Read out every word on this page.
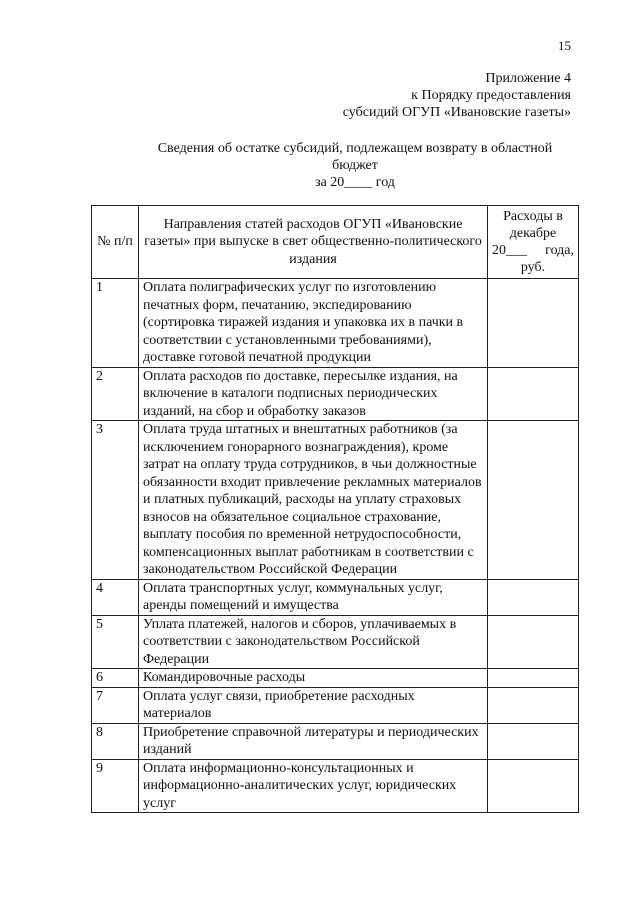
15
Приложение 4
к Порядку предоставления
субсидий ОГУП «Ивановские газеты»
Сведения об остатке субсидий, подлежащем возврату в областной
бюджет
за 20____ год
№ п/п	Направления статей расходов ОГУП «Ивановские газеты» при выпуске в свет общественно-политического издания	Расходы в
декабре

20___ года,
руб.
1	Оплата полиграфических услуг по изготовлению печатных форм, печатанию, экспедированию (сортировка тиражей издания и упаковка их в пачки в соответствии с установленными требованиями), доставке готовой печатной продукции	
2	Оплата расходов по доставке, пересылке издания, на включение в каталоги подписных периодических изданий, на сбор и обработку заказов	
3	Оплата труда штатных и внештатных работников (за исключением гонорарного вознаграждения), кроме затрат на оплату труда сотрудников, в чьи должностные обязанности входит привлечение рекламных материалов и платных публикаций, расходы на уплату страховых взносов на обязательное социальное страхование, выплату пособия по временной нетрудоспособности, компенсационных выплат работникам в соответствии с законодательством Российской Федерации	
4	Оплата транспортных услуг, коммунальных услуг, аренды помещений и имущества	
5	Уплата платежей, налогов и сборов, уплачиваемых в соответствии с законодательством Российской Федерации	
6	Командировочные расходы	
7	Оплата услуг связи, приобретение расходных материалов	
8	Приобретение справочной литературы и периодических изданий	
9	Оплата информационно-консультационных и информационно-аналитических услуг, юридических услуг	
